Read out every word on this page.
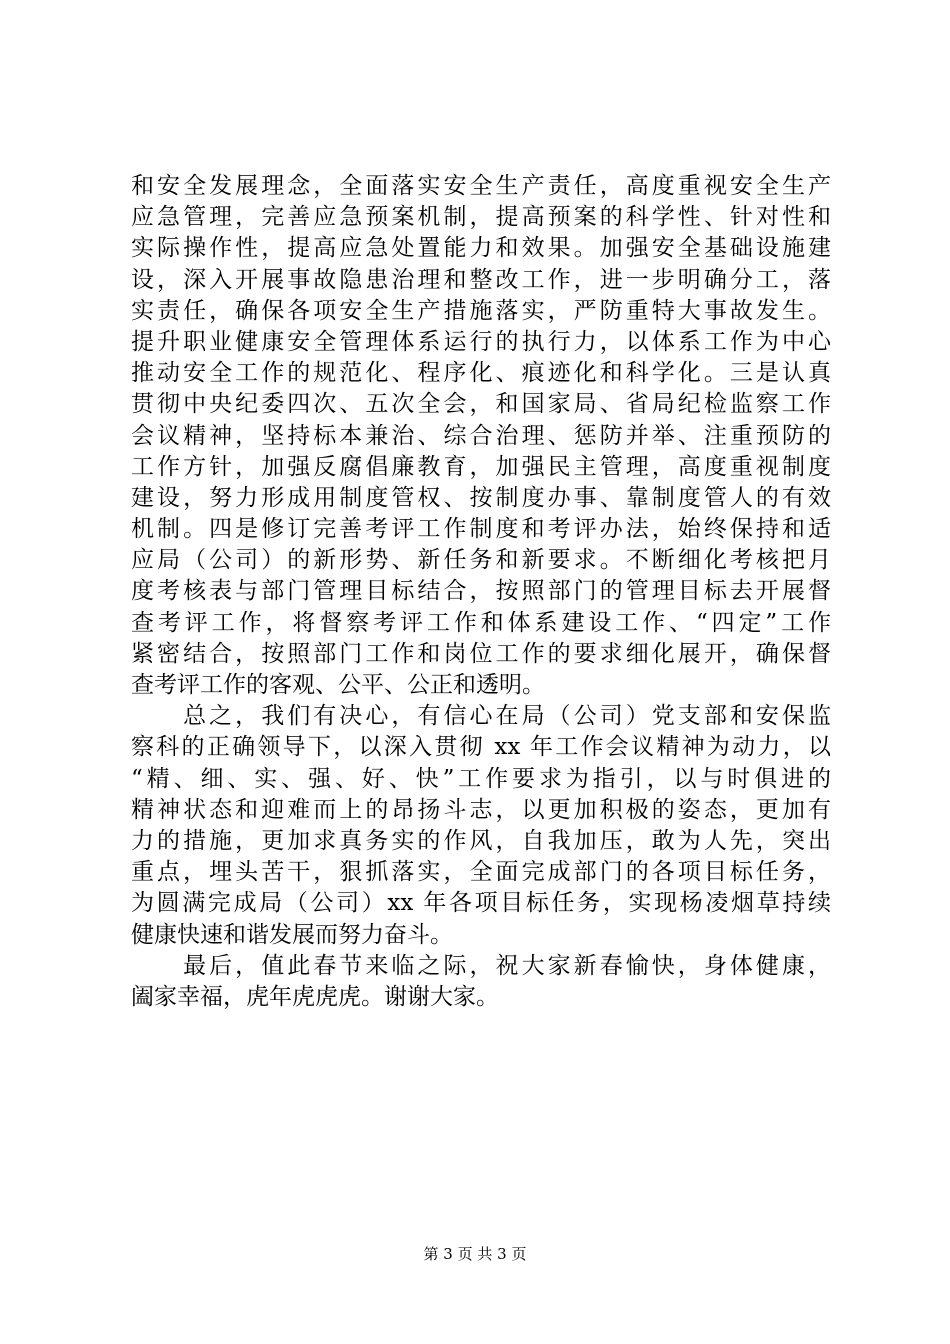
和安全发展理念，全面落实安全生产责任，高度重视安全生产
应急管理，完善应急预案机制，提高预案的科学性、针对性和
实际操作性，提高应急处置能力和效果。加强安全基础设施建
设，深入开展事故隐患治理和整改工作，进一步明确分工，落
实责任，确保各项安全生产措施落实，严防重特大事故发生。
提升职业健康安全管理体系运行的执行力，以体系工作为中心
推动安全工作的规范化、程序化、痕迹化和科学化。三是认真
贯彻中央纪委四次、五次全会，和国家局、省局纪检监察工作
会议精神，坚持标本兼治、综合治理、惩防并举、注重预防的
工作方针，加强反腐倡廉教育，加强民主管理，高度重视制度
建设，努力形成用制度管权、按制度办事、靠制度管人的有效
机制。四是修订完善考评工作制度和考评办法，始终保持和适
应局（公司）的新形势、新任务和新要求。不断细化考核把月
度考核表与部门管理目标结合，按照部门的管理目标去开展督
查考评工作，将督察考评工作和体系建设工作、“四定”工作
紧密结合，按照部门工作和岗位工作的要求细化展开，确保督
查考评工作的客观、公平、公正和透明。
　　总之，我们有决心，有信心在局（公司）党支部和安保监
察科的正确领导下，以深入贯彻 xx 年工作会议精神为动力，以
“精、细、实、强、好、快”工作要求为指引，以与时俱进的
精神状态和迎难而上的昂扬斗志，以更加积极的姿态，更加有
力的措施，更加求真务实的作风，自我加压，敢为人先，突出
重点，埋头苦干，狠抓落实，全面完成部门的各项目标任务，
为圆满完成局（公司）xx 年各项目标任务，实现杨凌烟草持续
健康快速和谐发展而努力奋斗。
　　最后，值此春节来临之际，祝大家新春愉快，身体健康，
阖家幸福，虎年虎虎虎。谢谢大家。
第 3 页 共 3 页
